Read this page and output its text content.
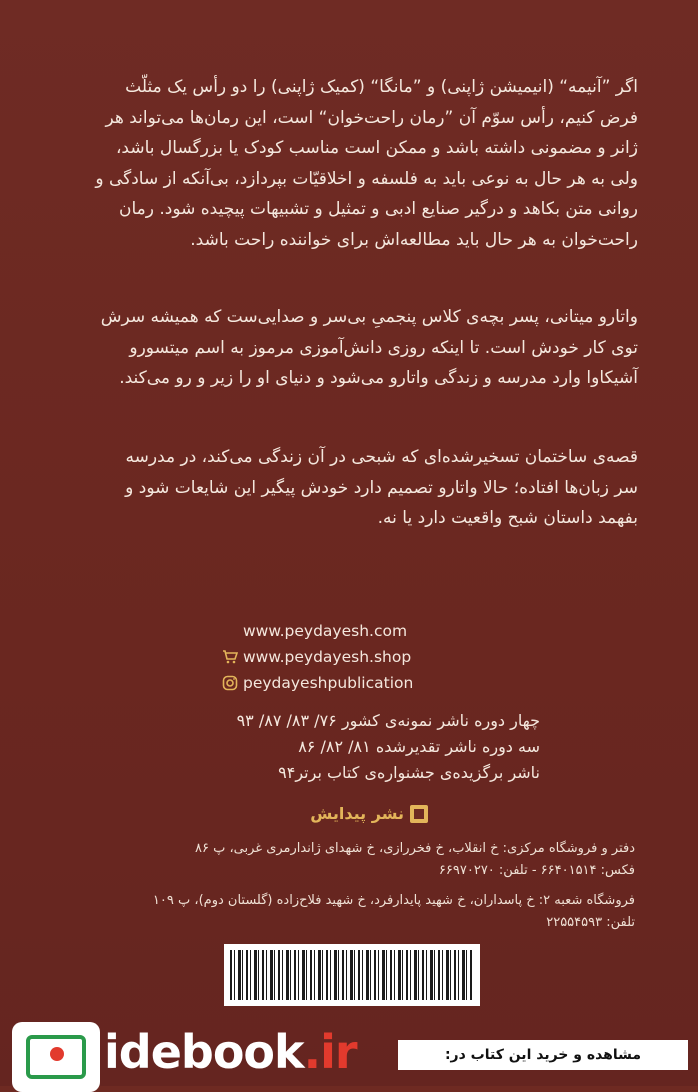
اگر ”آنیمه“ (انیمیشن ژاپنی) و ”مانگا“ (کمیک ژاپنی) را دو رأس یک مثلّث
فرض کنیم، رأس سوّم آن ”رمان راحت‌خوان“ است، این رمان‌ها می‌تواند هر
ژانر و مضمونی داشته باشد و ممکن است مناسب کودک یا بزرگسال باشد،
ولی به هر حال به نوعی باید به فلسفه و اخلاقیّات بپردازد، بی‌آنکه از سادگی و
روانی متن بکاهد و درگیر صنایع ادبی و تمثیل و تشبیهات پیچیده شود. رمان
راحت‌خوان به هر حال باید مطالعه‌اش برای خواننده راحت باشد.
واتارو میتانی، پسر بچه‌ی کلاس پنجمیِ بی‌سر و صدایی‌ست که همیشه سرش
توی کار خودش است. تا اینکه روزی دانش‌آموزی مرموز به اسم میتسورو
آشیکاوا وارد مدرسه و زندگی واتارو می‌شود و دنیای او را زیر و رو می‌کند.
قصه‌ی ساختمان تسخیرشده‌ای که شبحی در آن زندگی می‌کند، در مدرسه
سر زبان‌ها افتاده؛ حالا واتارو تصمیم دارد خودش پیگیر این شایعات شود و
بفهمد داستان شبح واقعیت دارد یا نه.
www.peydayesh.com
www.peydayesh.shop
peydayeshpublication
چهار دوره ناشر نمونه‌ی کشور ۷۶/ ۸۳/ ۸۷/ ۹۳
سه دوره ناشر تقدیرشده ۸۱/ ۸۲/ ۸۶
ناشر برگزیده‌ی جشنواره‌ی کتاب برتر۹۴
نشر پیدایش
دفتر و فروشگاه مرکزی: خ انقلاب، خ فخررازی، خ شهدای ژاندارمری غربی، پ ۸۶
فکس: ۶۶۴۰۱۵۱۴ - تلفن: ۶۶۹۷۰۲۷۰
فروشگاه شعبه ۲: خ پاسداران، خ شهید پایدارفرد، خ شهید فلاح‌زاده (گلستان دوم)، پ ۱۰۹
تلفن: ۲۲۵۵۴۵۹۳
idebook.ir	مشاهده و خرید این کتاب در:
